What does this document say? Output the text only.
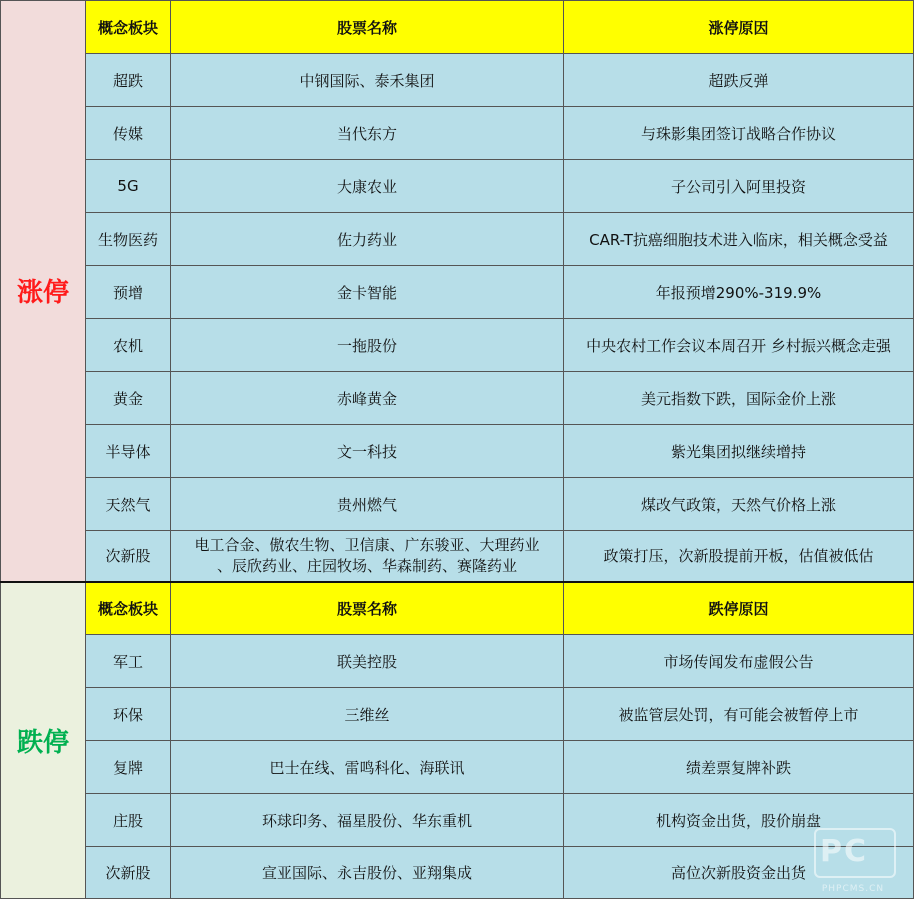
涨停	概念板块	股票名称	涨停原因
	超跌	中钢国际、泰禾集团	超跌反弹
	传媒	当代东方	与珠影集团签订战略合作协议
	5G	大康农业	子公司引入阿里投资
	生物医药	佐力药业	CAR-T抗癌细胞技术进入临床，相关概念受益
	预增	金卡智能	年报预增290%-319.9%
	农机	一拖股份	中央农村工作会议本周召开 乡村振兴概念走强
	黄金	赤峰黄金	美元指数下跌，国际金价上涨
	半导体	文一科技	紫光集团拟继续增持
	天然气	贵州燃气	煤改气政策，天然气价格上涨
	次新股	电工合金、傲农生物、卫信康、广东骏亚、大理药业
、辰欣药业、庄园牧场、华森制药、赛隆药业	政策打压，次新股提前开板，估值被低估
跌停	概念板块	股票名称	跌停原因
	军工	联美控股	市场传闻发布虚假公告
	环保	三维丝	被监管层处罚，有可能会被暂停上市
	复牌	巴士在线、雷鸣科化、海联讯	绩差票复牌补跌
	庄股	环球印务、福星股份、华东重机	机构资金出货，股价崩盘
	次新股	宣亚国际、永吉股份、亚翔集成	高位次新股资金出货
PC
PHPCMS.CN
